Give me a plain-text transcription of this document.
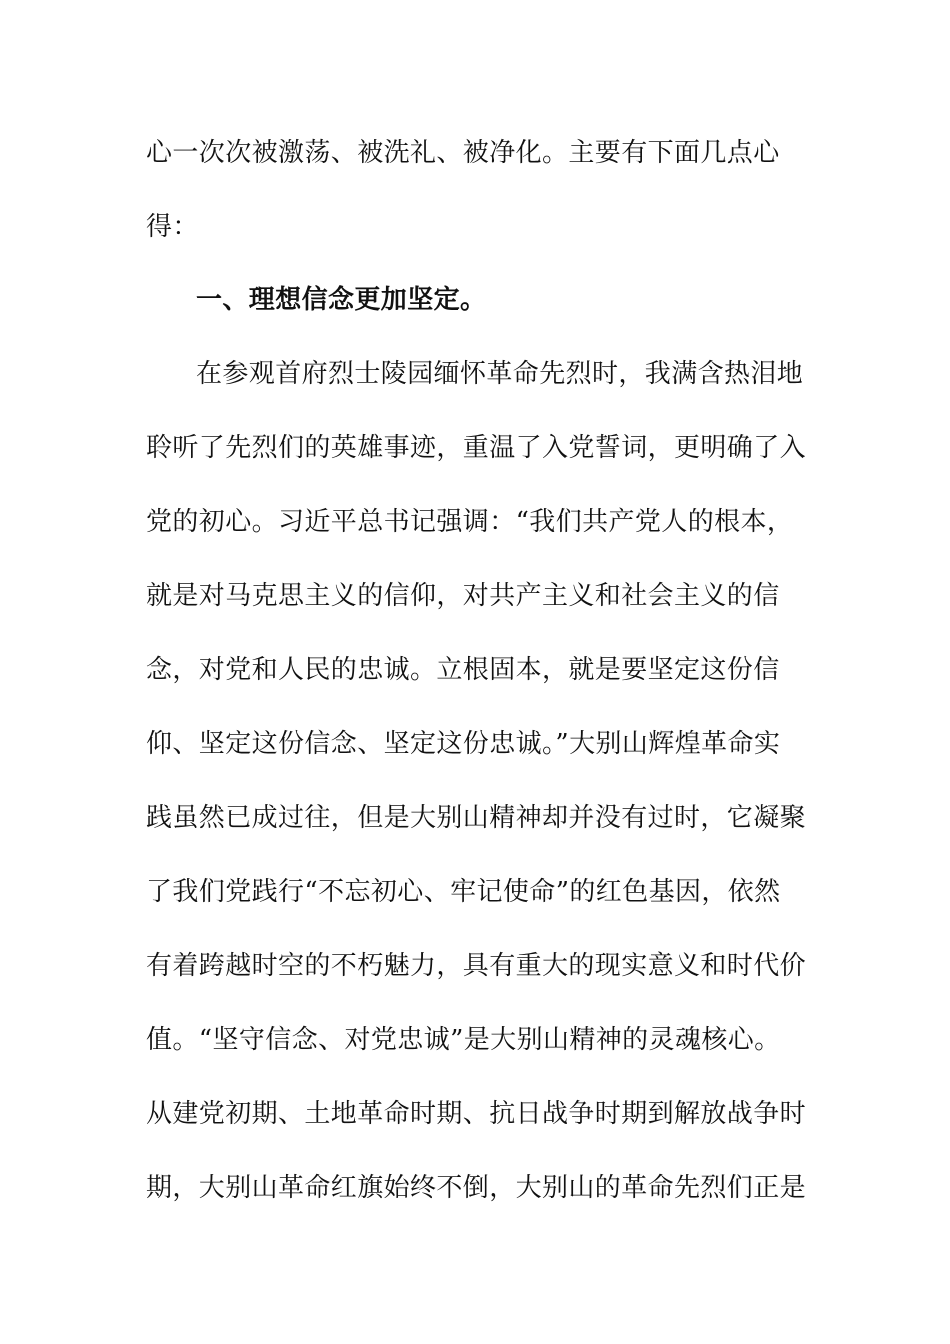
心一次次被激荡、被洗礼、被净化。主要有下面几点心
得：
一、理想信念更加坚定。
在参观首府烈士陵园缅怀革命先烈时，我满含热泪地
聆听了先烈们的英雄事迹，重温了入党誓词，更明确了入
党的初心。习近平总书记强调：“我们共产党人的根本，
就是对马克思主义的信仰，对共产主义和社会主义的信
念，对党和人民的忠诚。立根固本，就是要坚定这份信
仰、坚定这份信念、坚定这份忠诚。”大别山辉煌革命实
践虽然已成过往，但是大别山精神却并没有过时，它凝聚
了我们党践行“不忘初心、牢记使命”的红色基因，依然
有着跨越时空的不朽魅力，具有重大的现实意义和时代价
值。“坚守信念、对党忠诚”是大别山精神的灵魂核心。
从建党初期、土地革命时期、抗日战争时期到解放战争时
期，大别山革命红旗始终不倒，大别山的革命先烈们正是
